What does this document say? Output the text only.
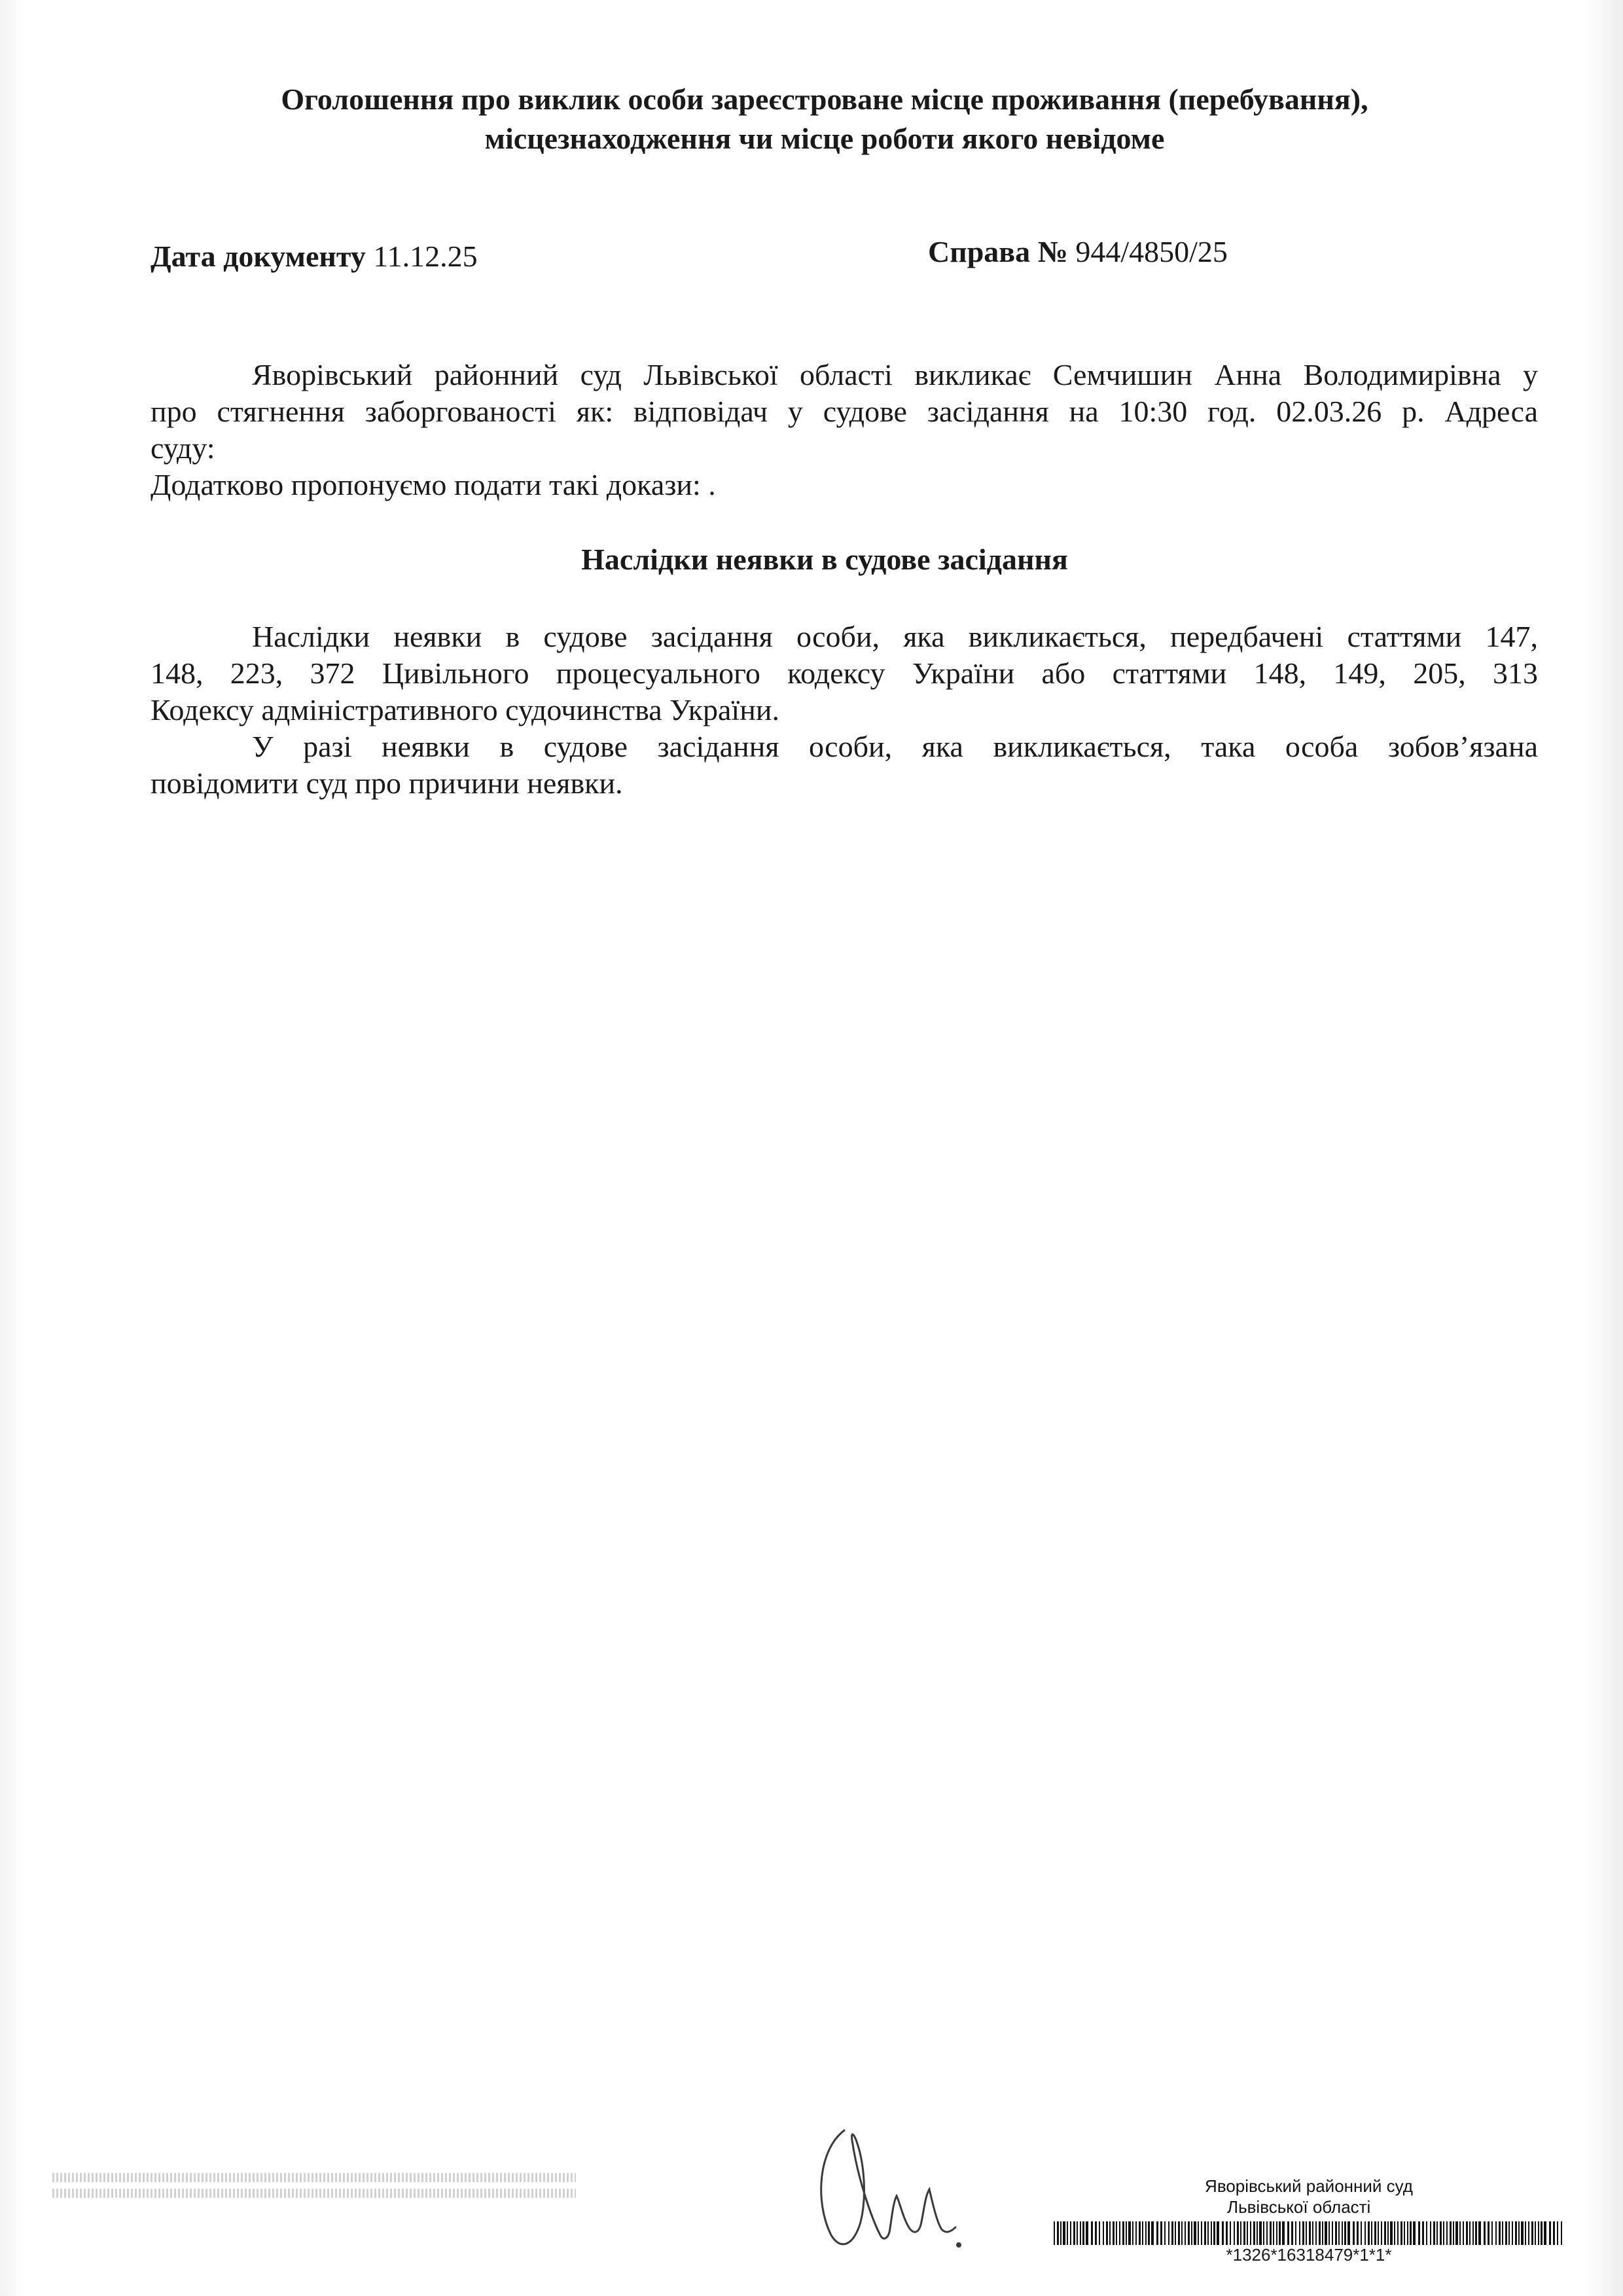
Оголошення про виклик особи зареєстроване місце проживання (перебування),
місцезнаходження чи місце роботи якого невідоме
Дата документу 11.12.25	Справа № 944/4850/25
Яворівський районний суд Львівської області викликає Семчишин Анна Володимирівна у
про стягнення заборгованості як: відповідач у судове засідання на 10:30 год. 02.03.26 р. Адреса
суду:
Додатково пропонуємо подати такі докази: .
Наслідки неявки в судове засідання
Наслідки неявки в судове засідання особи, яка викликається, передбачені статтями 147,
148, 223, 372 Цивільного процесуального кодексу України або статтями 148, 149, 205, 313
Кодексу адміністративного судочинства України.
У разі неявки в судове засідання особи, яка викликається, така особа зобов’язана
повідомити суд про причини неявки.
Яворівський районний суд
Львівської області
*1326*16318479*1*1*
